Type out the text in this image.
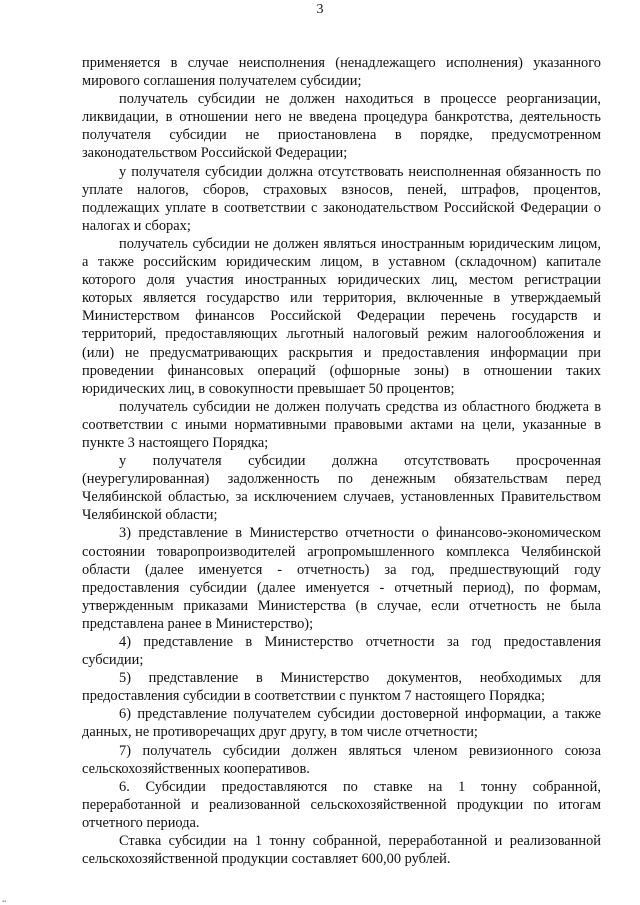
3

применяется в случае неисполнения (ненадлежащего исполнения) указанного мирового соглашения получателем субсидии;

получатель субсидии не должен находиться в процессе реорганизации, ликвидации, в отношении него не введена процедура банкротства, деятельность получателя субсидии не приостановлена в порядке, предусмотренном законодательством Российской Федерации;

у получателя субсидии должна отсутствовать неисполненная обязанность по уплате налогов, сборов, страховых взносов, пеней, штрафов, процентов, подлежащих уплате в соответствии с законодательством Российской Федерации о налогах и сборах;

получатель субсидии не должен являться иностранным юридическим лицом, а также российским юридическим лицом, в уставном (складочном) капитале которого доля участия иностранных юридических лиц, местом регистрации которых является государство или территория, включенные в утверждаемый Министерством финансов Российской Федерации перечень государств и территорий, предоставляющих льготный налоговый режим налогообложения и (или) не предусматривающих раскрытия и предоставления информации при проведении финансовых операций (офшорные зоны) в отношении таких юридических лиц, в совокупности превышает 50 процентов;

получатель субсидии не должен получать средства из областного бюджета в соответствии с иными нормативными правовыми актами на цели, указанные в пункте 3 настоящего Порядка;

у получателя субсидии должна отсутствовать просроченная (неурегулированная) задолженность по денежным обязательствам перед Челябинской областью, за исключением случаев, установленных Правительством Челябинской области;

3) представление в Министерство отчетности о финансово-экономическом состоянии товаропроизводителей агропромышленного комплекса Челябинской области (далее именуется - отчетность) за год, предшествующий году предоставления субсидии (далее именуется - отчетный период), по формам, утвержденным приказами Министерства (в случае, если отчетность не была представлена ранее в Министерство);

4) представление в Министерство отчетности за год предоставления субсидии;

5) представление в Министерство документов, необходимых для предоставления субсидии в соответствии с пунктом 7 настоящего Порядка;

6) представление получателем субсидии достоверной информации, а также данных, не противоречащих друг другу, в том числе отчетности;

7) получатель субсидии должен являться членом ревизионного союза сельскохозяйственных кооперативов.

6. Субсидии предоставляются по ставке на 1 тонну собранной, переработанной и реализованной сельскохозяйственной продукции по итогам отчетного периода.

Ставка субсидии на 1 тонну собранной, переработанной и реализованной сельскохозяйственной продукции составляет 600,00 рублей.

▪▪
